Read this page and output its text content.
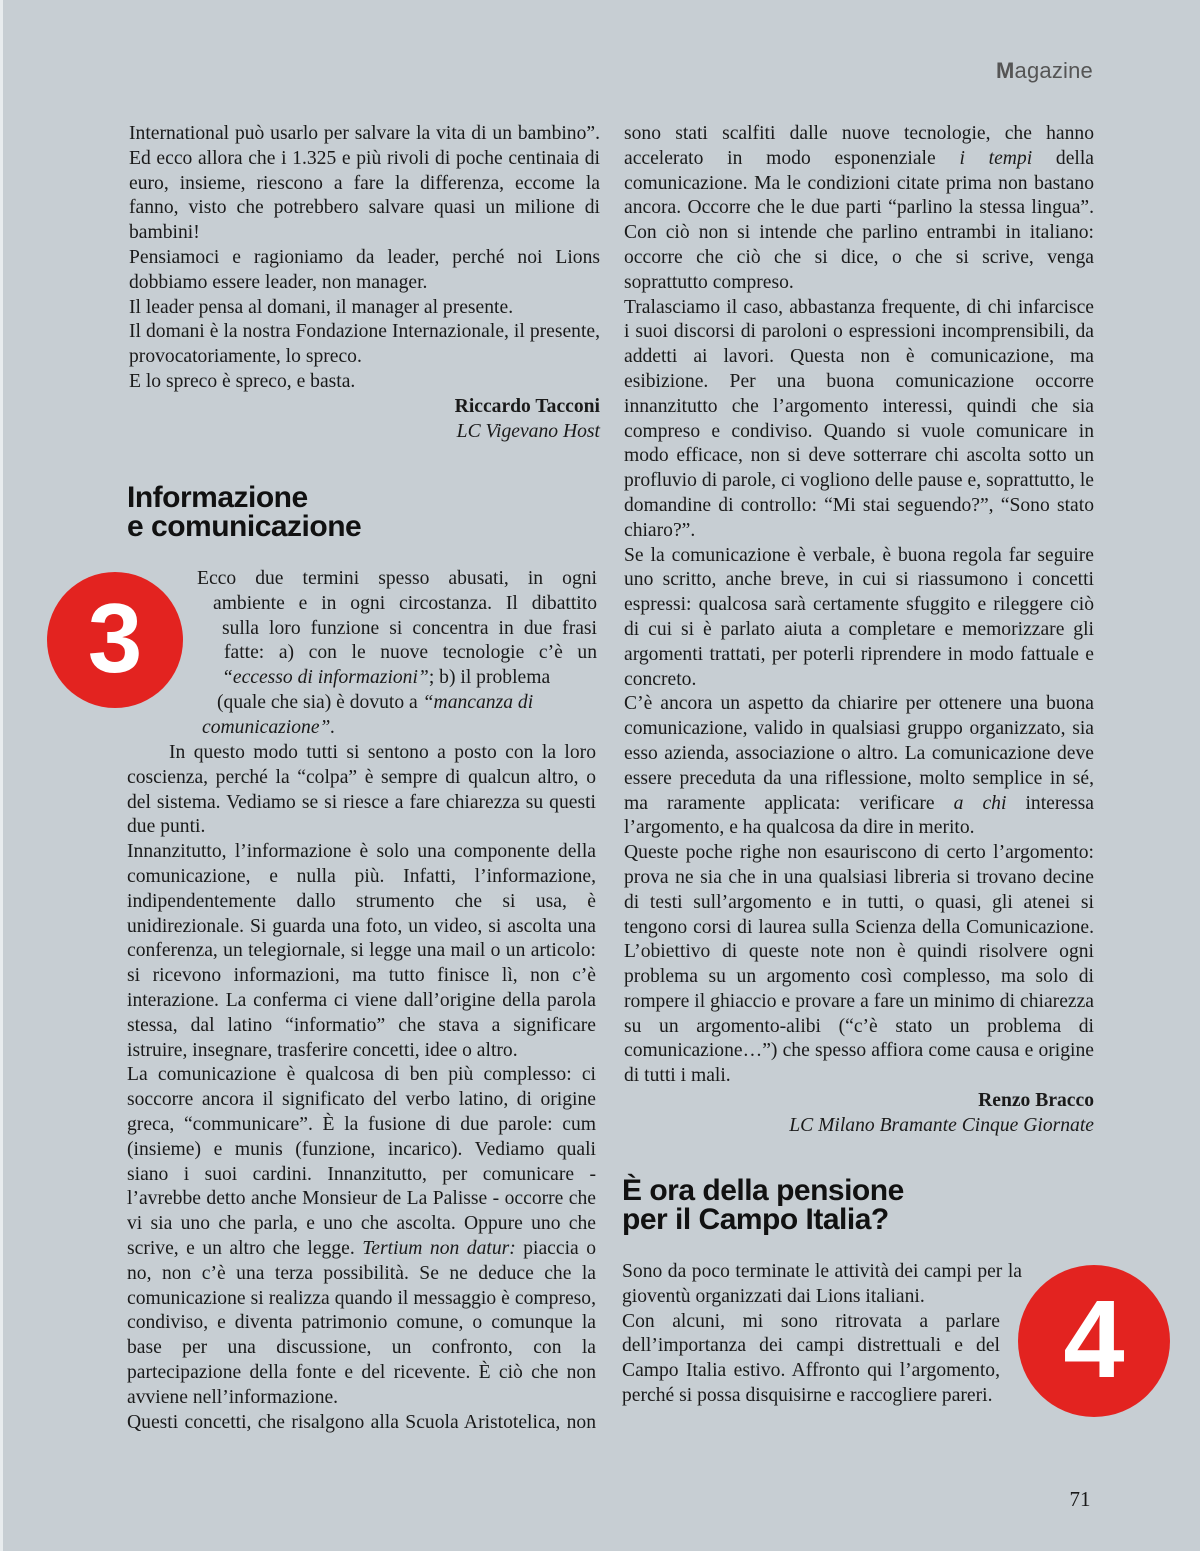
Magazine

International può usarlo per salvare la vita di un bambino”. Ed ecco allora che i 1.325 e più rivoli di poche centinaia di euro, insieme, riescono a fare la differenza, eccome la fanno, visto che potrebbero salvare quasi un milione di bambini!

Pensiamoci e ragioniamo da leader, perché noi Lions dobbiamo essere leader, non manager.

Il leader pensa al domani, il manager al presente.

Il domani è la nostra Fondazione Internazionale, il presente, provocatoriamente, lo spreco.

E lo spreco è spreco, e basta.

Riccardo Tacconi

LC Vigevano Host

Informazione
e comunicazione
3

Ecco due termini spesso abusati, in ogni

ambiente e in ogni circostanza. Il dibattito

sulla loro funzione si concentra in due frasi

fatte: a) con le nuove tecnologie c’è un

“eccesso di informazioni”; b) il problema

(quale che sia) è dovuto a “mancanza di

comunicazione”.

In questo modo tutti si sentono a posto con la loro coscienza, perché la “colpa” è sempre di qualcun altro, o del sistema. Vediamo se si riesce a fare chiarezza su questi due punti.

Innanzitutto, l’informazione è solo una componente della comunicazione, e nulla più. Infatti, l’informazione, indipendentemente dallo strumento che si usa, è unidirezionale. Si guarda una foto, un video, si ascolta una conferenza, un telegiornale, si legge una mail o un articolo: si ricevono informazioni, ma tutto finisce lì, non c’è interazione. La conferma ci viene dall’origine della parola stessa, dal latino “informatio” che stava a significare istruire, insegnare, trasferire concetti, idee o altro.

La comunicazione è qualcosa di ben più complesso: ci soccorre ancora il significato del verbo latino, di origine greca, “communicare”. È la fusione di due parole: cum (insieme) e munis (funzione, incarico). Vediamo quali siano i suoi cardini. Innanzitutto, per comunicare - l’avrebbe detto anche Monsieur de La Palisse - occorre che vi sia uno che parla, e uno che ascolta. Oppure uno che scrive, e un altro che legge. Tertium non datur: piaccia o no, non c’è una terza possibilità. Se ne deduce che la comunicazione si realizza quando il messaggio è compreso, condiviso, e diventa patrimonio comune, o comunque la base per una discussione, un confronto, con la partecipazione della fonte e del ricevente. È ciò che non avviene nell’informazione.

Questi concetti, che risalgono alla Scuola Aristotelica, non

sono stati scalfiti dalle nuove tecnologie, che hanno accelerato in modo esponenziale i tempi della comunicazione. Ma le condizioni citate prima non bastano ancora. Occorre che le due parti “parlino la stessa lingua”. Con ciò non si intende che parlino entrambi in italiano: occorre che ciò che si dice, o che si scrive, venga soprattutto compreso.

Tralasciamo il caso, abbastanza frequente, di chi infarcisce i suoi discorsi di paroloni o espressioni incomprensibili, da addetti ai lavori. Questa non è comunicazione, ma esibizione. Per una buona comunicazione occorre innanzitutto che l’argomento interessi, quindi che sia compreso e condiviso. Quando si vuole comunicare in modo efficace, non si deve sotterrare chi ascolta sotto un profluvio di parole, ci vogliono delle pause e, soprattutto, le domandine di controllo: “Mi stai seguendo?”, “Sono stato chiaro?”.

Se la comunicazione è verbale, è buona regola far seguire uno scritto, anche breve, in cui si riassumono i concetti espressi: qualcosa sarà certamente sfuggito e rileggere ciò di cui si è parlato aiuta a completare e memorizzare gli argomenti trattati, per poterli riprendere in modo fattuale e concreto.

C’è ancora un aspetto da chiarire per ottenere una buona comunicazione, valido in qualsiasi gruppo organizzato, sia esso azienda, associazione o altro. La comunicazione deve essere preceduta da una riflessione, molto semplice in sé, ma raramente applicata: verificare a chi interessa l’argomento, e ha qualcosa da dire in merito.

Queste poche righe non esauriscono di certo l’argomento: prova ne sia che in una qualsiasi libreria si trovano decine di testi sull’argomento e in tutti, o quasi, gli atenei si tengono corsi di laurea sulla Scienza della Comunicazione. L’obiettivo di queste note non è quindi risolvere ogni problema su un argomento così complesso, ma solo di rompere il ghiaccio e provare a fare un minimo di chiarezza su un argomento-alibi (“c’è stato un problema di comunicazione…”) che spesso affiora come causa e origine di tutti i mali.

Renzo Bracco

LC Milano Bramante Cinque Giornate

È ora della pensione
per il Campo Italia?
4

Sono da poco terminate le attività dei campi per la gioventù organizzati dai Lions italiani.

Con alcuni, mi sono ritrovata a parlare dell’importanza dei campi distrettuali e del Campo Italia estivo. Affronto qui l’argomento, perché si possa disquisirne e raccogliere pareri.

71
